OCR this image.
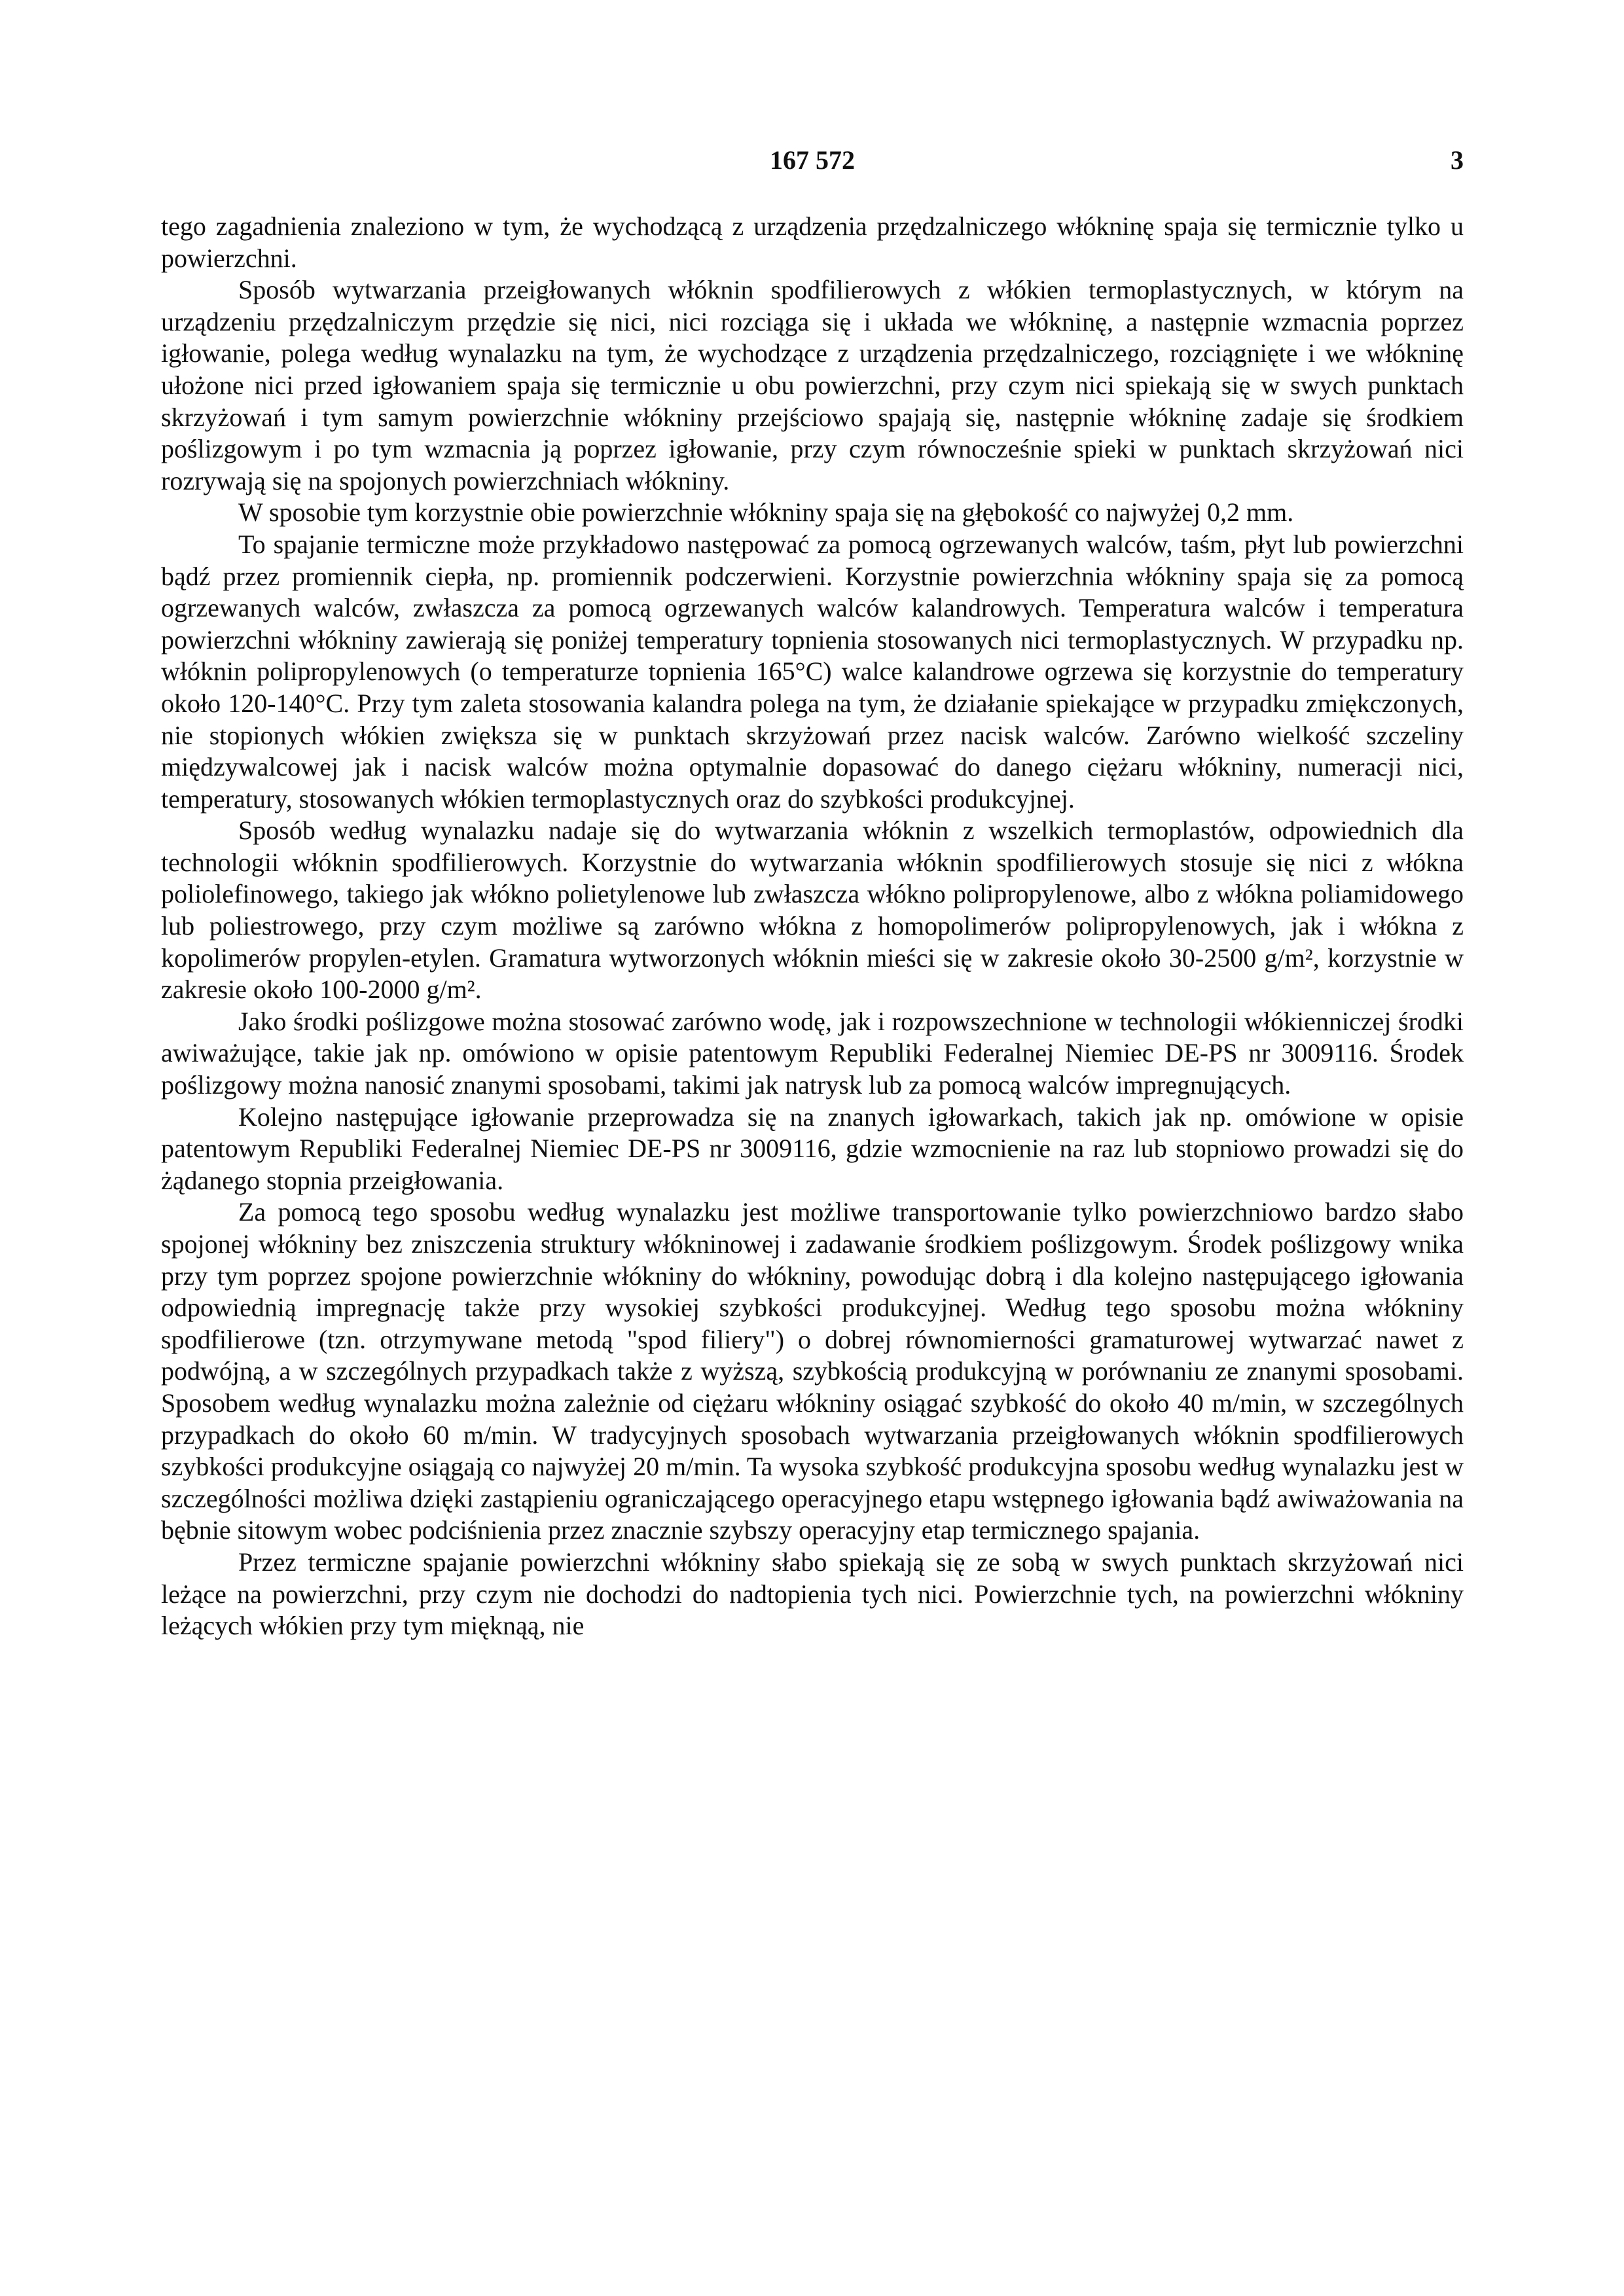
167 572	3

tego zagadnienia znaleziono w tym, że wychodzącą z urządzenia przędzalniczego włókninę spaja się termicznie tylko u powierzchni.

Sposób wytwarzania przeigłowanych włóknin spodfilierowych z włókien termoplastycznych, w którym na urządzeniu przędzalniczym przędzie się nici, nici rozciąga się i układa we włókninę, a następnie wzmacnia poprzez igłowanie, polega według wynalazku na tym, że wychodzące z urządzenia przędzalniczego, rozciągnięte i we włókninę ułożone nici przed igłowaniem spaja się termicznie u obu powierzchni, przy czym nici spiekają się w swych punktach skrzyżowań i tym samym powierzchnie włókniny przejściowo spajają się, następnie włókninę zadaje się środkiem poślizgowym i po tym wzmacnia ją poprzez igłowanie, przy czym równocześnie spieki w punktach skrzyżowań nici rozrywają się na spojonych powierzchniach włókniny.

W sposobie tym korzystnie obie powierzchnie włókniny spaja się na głębokość co najwyżej 0,2 mm.

To spajanie termiczne może przykładowo następować za pomocą ogrzewanych walców, taśm, płyt lub powierzchni bądź przez promiennik ciepła, np. promiennik podczerwieni. Korzystnie powierzchnia włókniny spaja się za pomocą ogrzewanych walców, zwłaszcza za pomocą ogrzewanych walców kalandrowych. Temperatura walców i temperatura powierzchni włókniny zawierają się poniżej temperatury topnienia stosowanych nici termoplastycznych. W przypadku np. włóknin polipropylenowych (o temperaturze topnienia 165°C) walce kalandrowe ogrzewa się korzystnie do temperatury około 120-140°C. Przy tym zaleta stosowania kalandra polega na tym, że działanie spiekające w przypadku zmiękczonych, nie stopionych włókien zwiększa się w punktach skrzyżowań przez nacisk walców. Zarówno wielkość szczeliny międzywalcowej jak i nacisk walców można optymalnie dopasować do danego ciężaru włókniny, numeracji nici, temperatury, stosowanych włókien termoplastycznych oraz do szybkości produkcyjnej.

Sposób według wynalazku nadaje się do wytwarzania włóknin z wszelkich termoplastów, odpowiednich dla technologii włóknin spodfilierowych. Korzystnie do wytwarzania włóknin spodfilierowych stosuje się nici z włókna poliolefinowego, takiego jak włókno polietylenowe lub zwłaszcza włókno polipropylenowe, albo z włókna poliamidowego lub poliestrowego, przy czym możliwe są zarówno włókna z homopolimerów polipropylenowych, jak i włókna z kopolimerów propylen-etylen. Gramatura wytworzonych włóknin mieści się w zakresie około 30-2500 g/m², korzystnie w zakresie około 100-2000 g/m².

Jako środki poślizgowe można stosować zarówno wodę, jak i rozpowszechnione w technologii włókienniczej środki awiważujące, takie jak np. omówiono w opisie patentowym Republiki Federalnej Niemiec DE-PS nr 3009116. Środek poślizgowy można nanosić znanymi sposobami, takimi jak natrysk lub za pomocą walców impregnujących.

Kolejno następujące igłowanie przeprowadza się na znanych igłowarkach, takich jak np. omówione w opisie patentowym Republiki Federalnej Niemiec DE-PS nr 3009116, gdzie wzmocnienie na raz lub stopniowo prowadzi się do żądanego stopnia przeigłowania.

Za pomocą tego sposobu według wynalazku jest możliwe transportowanie tylko powierzchniowo bardzo słabo spojonej włókniny bez zniszczenia struktury włókninowej i zadawanie środkiem poślizgowym. Środek poślizgowy wnika przy tym poprzez spojone powierzchnie włókniny do włókniny, powodując dobrą i dla kolejno następującego igłowania odpowiednią impregnację także przy wysokiej szybkości produkcyjnej. Według tego sposobu można włókniny spodfilierowe (tzn. otrzymywane metodą "spod filiery") o dobrej równomierności gramaturowej wytwarzać nawet z podwójną, a w szczególnych przypadkach także z wyższą, szybkością produkcyjną w porównaniu ze znanymi sposobami. Sposobem według wynalazku można zależnie od ciężaru włókniny osiągać szybkość do około 40 m/min, w szczególnych przypadkach do około 60 m/min. W tradycyjnych sposobach wytwarzania przeigłowanych włóknin spodfilierowych szybkości produkcyjne osiągają co najwyżej 20 m/min. Ta wysoka szybkość produkcyjna sposobu według wynalazku jest w szczególności możliwa dzięki zastąpieniu ograniczającego operacyjnego etapu wstępnego igłowania bądź awiważowania na bębnie sitowym wobec podciśnienia przez znacznie szybszy operacyjny etap termicznego spajania.

Przez termiczne spajanie powierzchni włókniny słabo spiekają się ze sobą w swych punktach skrzyżowań nici leżące na powierzchni, przy czym nie dochodzi do nadtopienia tych nici. Powierzchnie tych, na powierzchni włókniny leżących włókien przy tym mięknąą, nie
